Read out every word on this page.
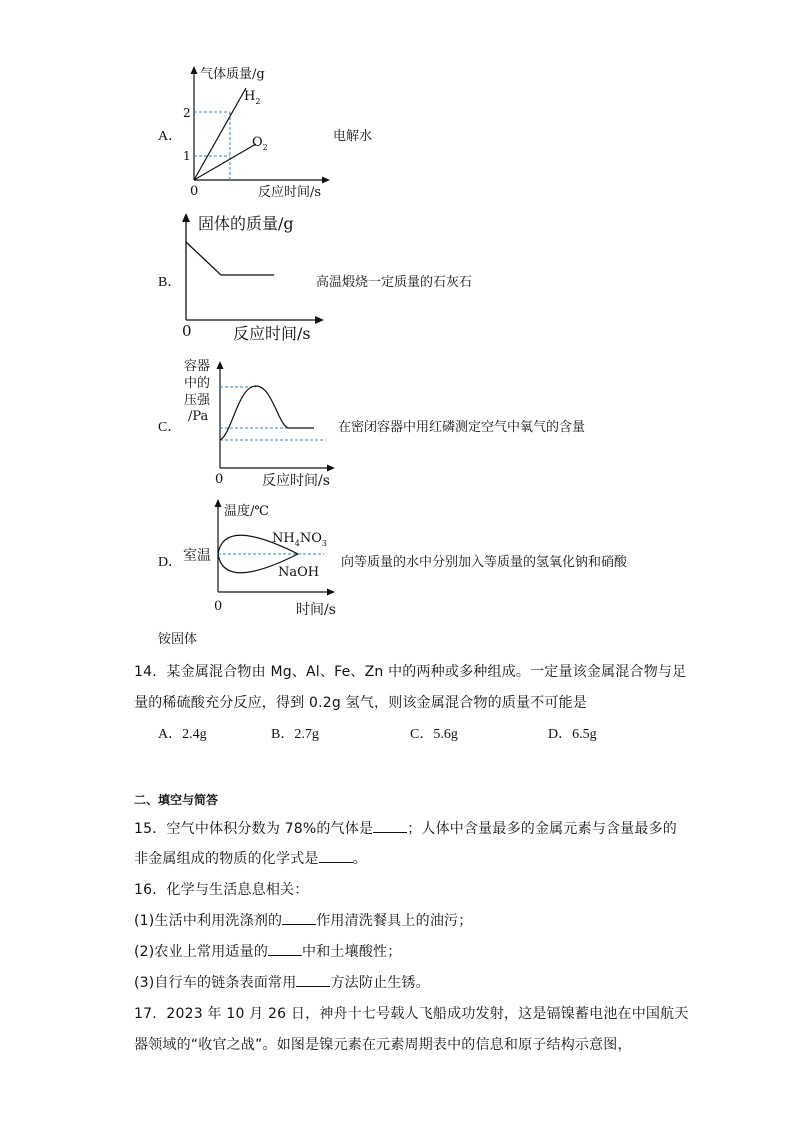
A．
气体质量/g
2
1
0	反应时间/s
$H_2$
$O_2$
电解水
B．
固体的质量/g
0	反应时间/s
高温煅烧一定质量的石灰石
C．
容器
中的
压强
/Pa
0	反应时间/s
在密闭容器中用红磷测定空气中氧气的含量
D．
温度/℃
室温
$NH_4NO_3$
NaOH
0	时间/s
向等质量的水中分别加入等质量的氢氧化钠和硝酸
铵固体
14．某金属混合物由 Mg、Al、Fe、Zn 中的两种或多种组成。一定量该金属混合物与足
量的稀硫酸充分反应，得到 0.2g 氢气，则该金属混合物的质量不可能是
A．2.4g	B．2.7g	C．5.6g	D．6.5g
二、填空与简答
15．空气中体积分数为 78%的气体是 ；人体中含量最多的金属元素与含量最多的
非金属组成的物质的化学式是 。
16．化学与生活息息相关：
(1)生活中利用洗涤剂的 作用清洗餐具上的油污；
(2)农业上常用适量的 中和土壤酸性；
(3)自行车的链条表面常用 方法防止生锈。
17．2023 年 10 月 26 日，神舟十七号载人飞船成功发射，这是镉镍蓄电池在中国航天
器领域的“收官之战”。如图是镍元素在元素周期表中的信息和原子结构示意图，
